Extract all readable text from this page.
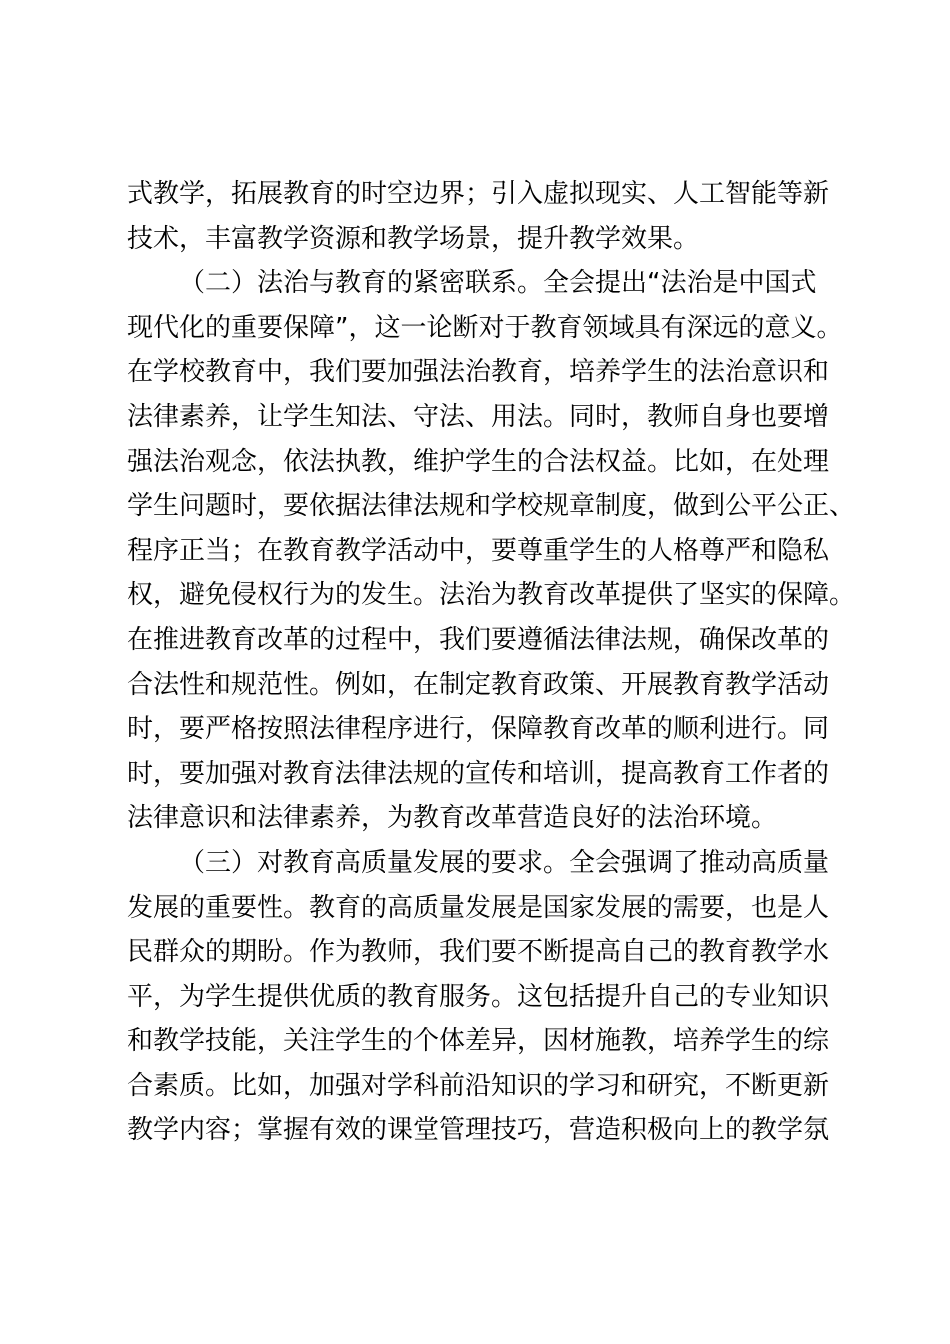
式教学，拓展教育的时空边界；引入虚拟现实、人工智能等新
技术，丰富教学资源和教学场景，提升教学效果。
（二）法治与教育的紧密联系。全会提出“法治是中国式
现代化的重要保障”，这一论断对于教育领域具有深远的意义。
在学校教育中，我们要加强法治教育，培养学生的法治意识和
法律素养，让学生知法、守法、用法。同时，教师自身也要增
强法治观念，依法执教，维护学生的合法权益。比如，在处理
学生问题时，要依据法律法规和学校规章制度，做到公平公正、
程序正当；在教育教学活动中，要尊重学生的人格尊严和隐私
权，避免侵权行为的发生。法治为教育改革提供了坚实的保障。
在推进教育改革的过程中，我们要遵循法律法规，确保改革的
合法性和规范性。例如，在制定教育政策、开展教育教学活动
时，要严格按照法律程序进行，保障教育改革的顺利进行。同
时，要加强对教育法律法规的宣传和培训，提高教育工作者的
法律意识和法律素养，为教育改革营造良好的法治环境。
（三）对教育高质量发展的要求。全会强调了推动高质量
发展的重要性。教育的高质量发展是国家发展的需要，也是人
民群众的期盼。作为教师，我们要不断提高自己的教育教学水
平，为学生提供优质的教育服务。这包括提升自己的专业知识
和教学技能，关注学生的个体差异，因材施教，培养学生的综
合素质。比如，加强对学科前沿知识的学习和研究，不断更新
教学内容；掌握有效的课堂管理技巧，营造积极向上的教学氛
